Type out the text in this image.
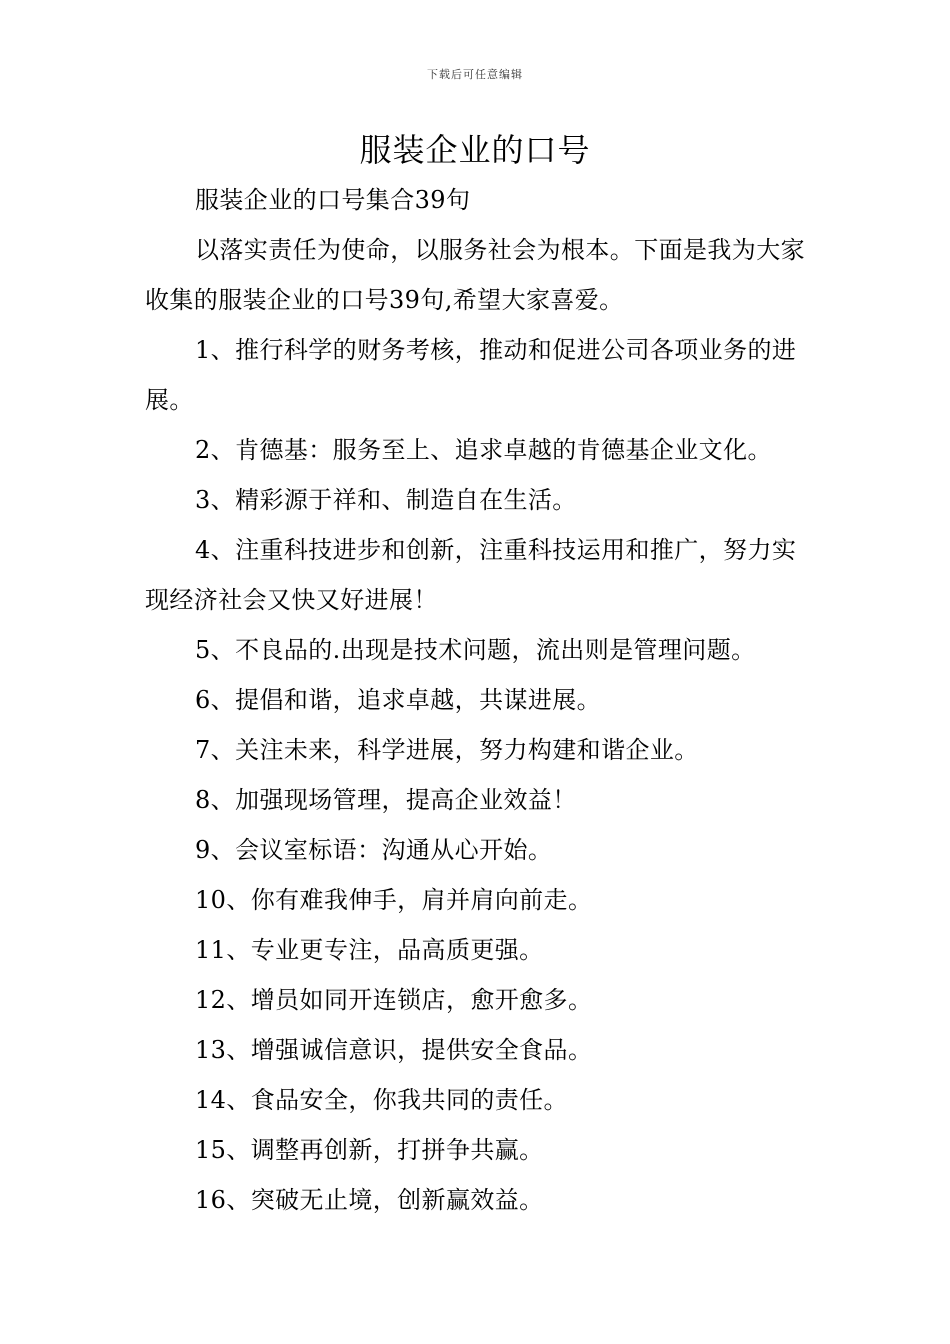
下载后可任意编辑
服装企业的口号

服装企业的口号集合39句

以落实责任为使命，以服务社会为根本。下面是我为大家收集的服装企业的口号39句,希望大家喜爱。

1、推行科学的财务考核，推动和促进公司各项业务的进展。

2、肯德基：服务至上、追求卓越的肯德基企业文化。

3、精彩源于祥和、制造自在生活。

4、注重科技进步和创新，注重科技运用和推广，努力实现经济社会又快又好进展！

5、不良品的.出现是技术问题，流出则是管理问题。

6、提倡和谐，追求卓越，共谋进展。

7、关注未来，科学进展，努力构建和谐企业。

8、加强现场管理，提高企业效益！

9、会议室标语：沟通从心开始。

10、你有难我伸手，肩并肩向前走。

11、专业更专注，品高质更强。

12、增员如同开连锁店，愈开愈多。

13、增强诚信意识，提供安全食品。

14、食品安全，你我共同的责任。

15、调整再创新，打拼争共赢。

16、突破无止境，创新赢效益。
